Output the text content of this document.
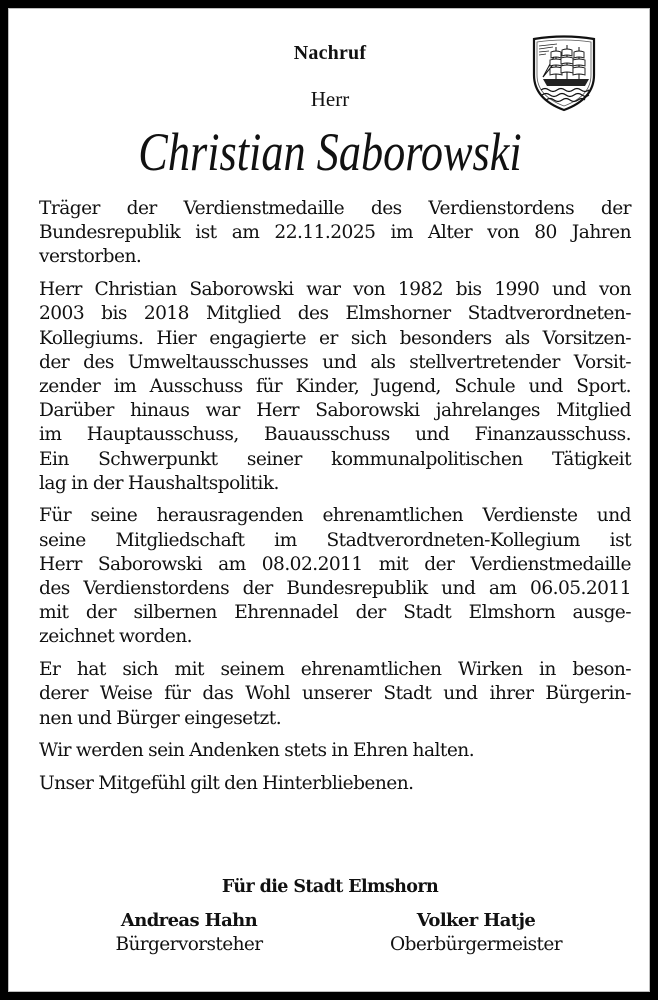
Nachruf
Herr
Christian Saborowski

Träger der Verdienstmedaille des Verdienstordens der
Bundesrepublik ist am 22.11.2025 im Alter von 80 Jahren
verstorben.

Herr Christian Saborowski war von 1982 bis 1990 und von
2003 bis 2018 Mitglied des Elmshorner Stadtverordneten-
Kollegiums. Hier engagierte er sich besonders als Vorsitzen-
der des Umweltausschusses und als stellvertretender Vorsit-
zender im Ausschuss für Kinder, Jugend, Schule und Sport.
Darüber hinaus war Herr Saborowski jahrelanges Mitglied
im Hauptausschuss, Bauausschuss und Finanzausschuss.
Ein Schwerpunkt seiner kommunalpolitischen Tätigkeit
lag in der Haushaltspolitik.

Für seine herausragenden ehrenamtlichen Verdienste und
seine Mitgliedschaft im Stadtverordneten-Kollegium ist
Herr Saborowski am 08.02.2011 mit der Verdienstmedaille
des Verdienstordens der Bundesrepublik und am 06.05.2011
mit der silbernen Ehrennadel der Stadt Elmshorn ausge-
zeichnet worden.

Er hat sich mit seinem ehrenamtlichen Wirken in beson-
derer Weise für das Wohl unserer Stadt und ihrer Bürgerin-
nen und Bürger eingesetzt.

Wir werden sein Andenken stets in Ehren halten.

Unser Mitgefühl gilt den Hinterbliebenen.

Für die Stadt Elmshorn
Andreas Hahn
Bürgervorsteher
Volker Hatje
Oberbürgermeister
